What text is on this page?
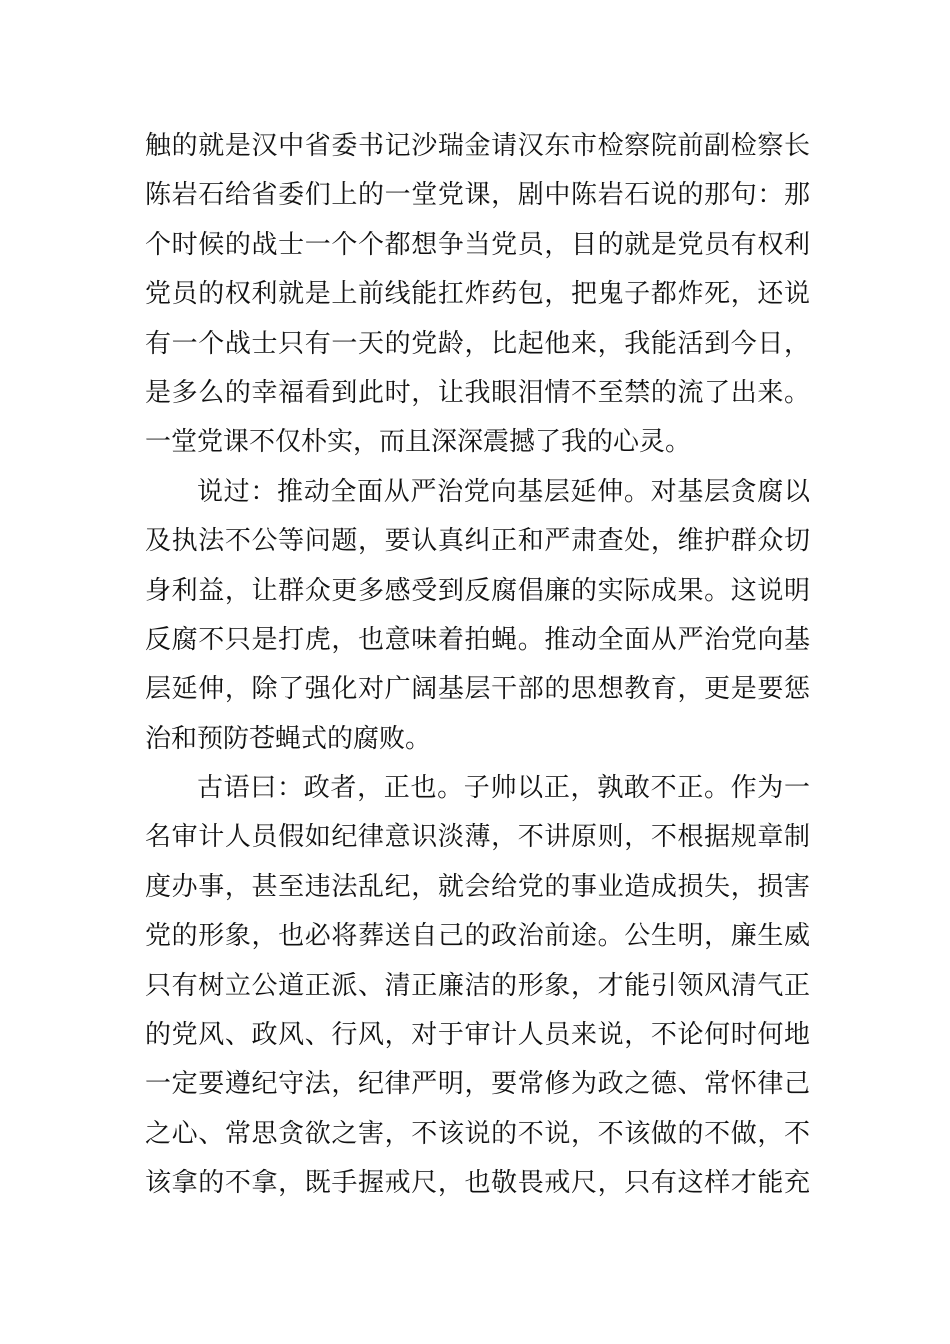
触的就是汉中省委书记沙瑞金请汉东市检察院前副检察长
陈岩石给省委们上的一堂党课，剧中陈岩石说的那句：那
个时候的战士一个个都想争当党员，目的就是党员有权利
党员的权利就是上前线能扛炸药包，把鬼子都炸死，还说
有一个战士只有一天的党龄，比起他来，我能活到今日，
是多么的幸福看到此时，让我眼泪情不至禁的流了出来。
一堂党课不仅朴实，而且深深震撼了我的心灵。
说过：推动全面从严治党向基层延伸。对基层贪腐以
及执法不公等问题，要认真纠正和严肃查处，维护群众切
身利益，让群众更多感受到反腐倡廉的实际成果。这说明
反腐不只是打虎，也意味着拍蝇。推动全面从严治党向基
层延伸，除了强化对广阔基层干部的思想教育，更是要惩
治和预防苍蝇式的腐败。
古语曰：政者，正也。子帅以正，孰敢不正。作为一
名审计人员假如纪律意识淡薄，不讲原则，不根据规章制
度办事，甚至违法乱纪，就会给党的事业造成损失，损害
党的形象，也必将葬送自己的政治前途。公生明，廉生威
只有树立公道正派、清正廉洁的形象，才能引领风清气正
的党风、政风、行风，对于审计人员来说，不论何时何地
一定要遵纪守法，纪律严明，要常修为政之德、常怀律己
之心、常思贪欲之害，不该说的不说，不该做的不做，不
该拿的不拿，既手握戒尺，也敬畏戒尺，只有这样才能充
